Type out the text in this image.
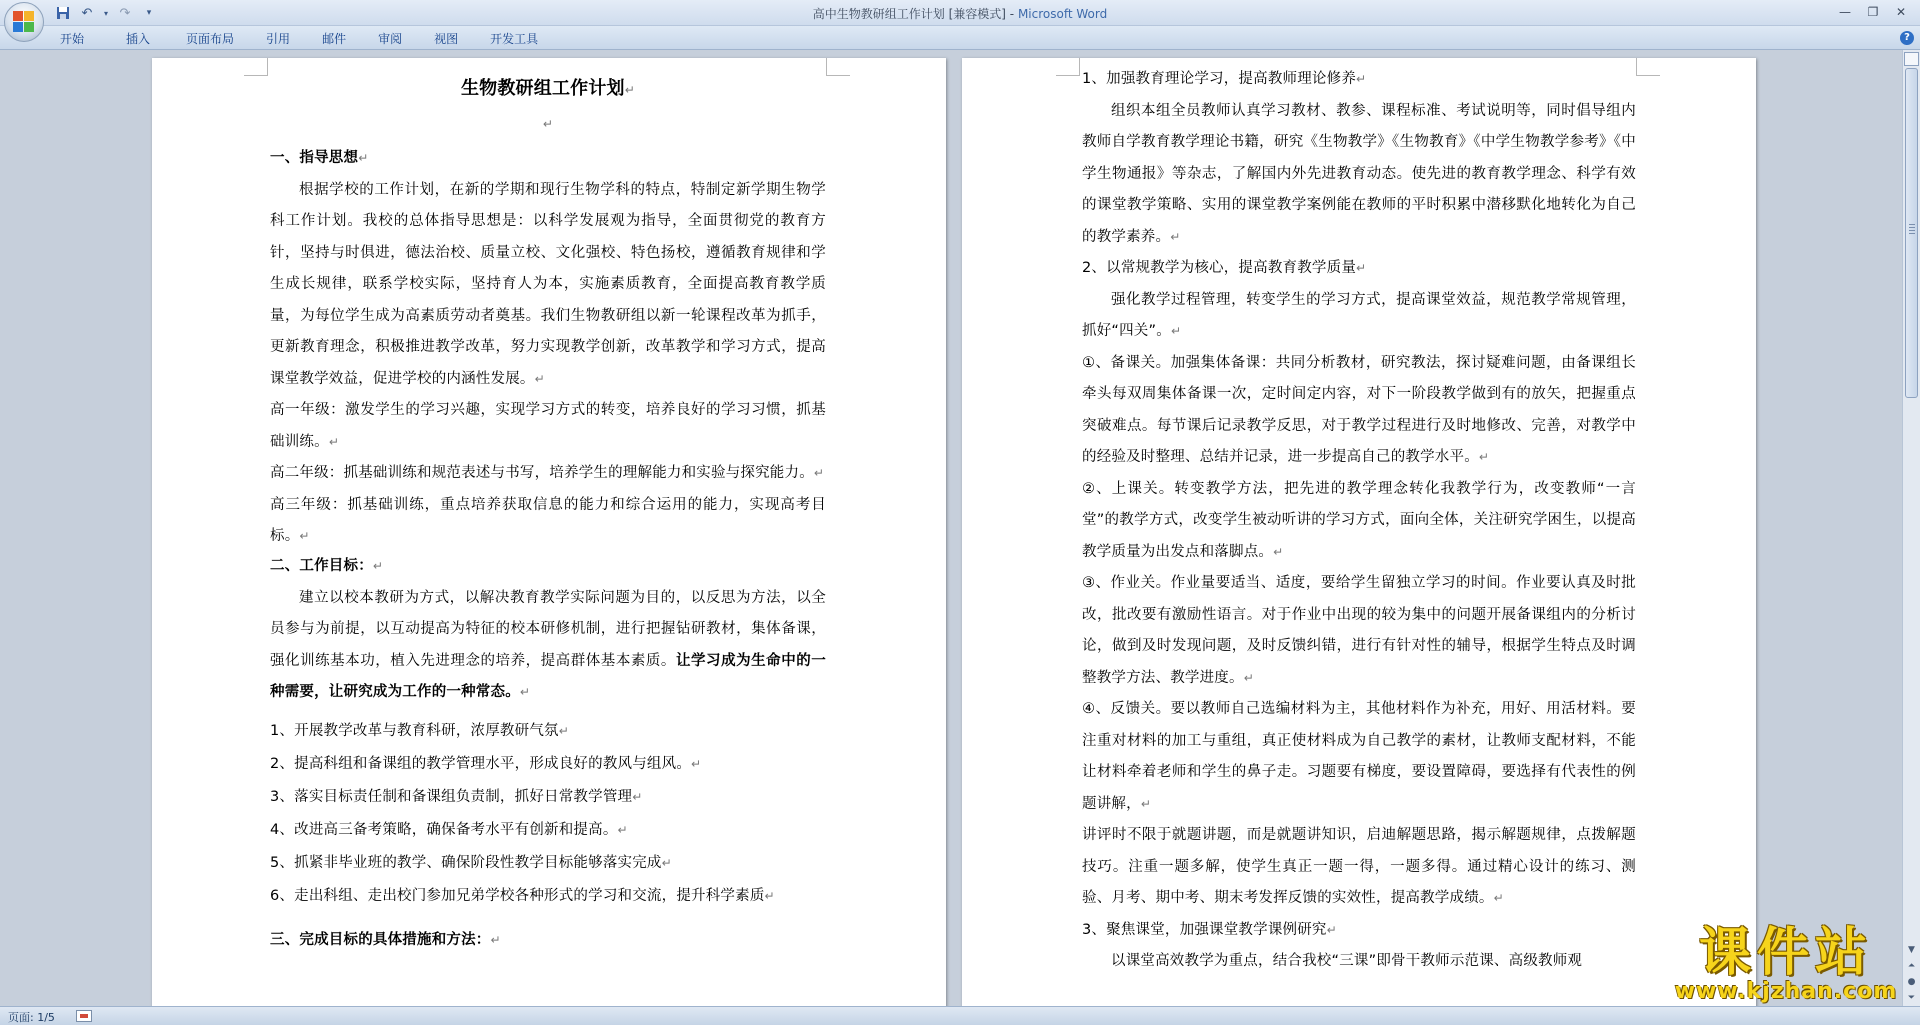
↶	▾ ↷	▾	高中生物教研组工作计划 [兼容模式] - Microsoft Word	—	❐	✕
开始	插入	页面布局	引用	邮件	审阅	视图	开发工具	?
生物教研组工作计划↵
↵
一、指导思想↵
根据学校的工作计划，在新的学期和现行生物学科的特点，特制定新学期生物学科工作计划。我校的总体指导思想是：以科学发展观为指导，全面贯彻党的教育方针，坚持与时俱进，德法治校、质量立校、文化强校、特色扬校，遵循教育规律和学生成长规律，联系学校实际，坚持育人为本，实施素质教育，全面提高教育教学质量，为每位学生成为高素质劳动者奠基。我们生物教研组以新一轮课程改革为抓手，更新教育理念，积极推进教学改革，努力实现教学创新，改革教学和学习方式，提高课堂教学效益，促进学校的内涵性发展。↵
高一年级：激发学生的学习兴趣，实现学习方式的转变，培养良好的学习习惯，抓基础训练。↵
高二年级：抓基础训练和规范表述与书写，培养学生的理解能力和实验与探究能力。↵
高三年级：抓基础训练，重点培养获取信息的能力和综合运用的能力，实现高考目标。↵
二、工作目标：↵
建立以校本教研为方式，以解决教育教学实际问题为目的，以反思为方法，以全员参与为前提，以互动提高为特征的校本研修机制，进行把握钻研教材，集体备课，强化训练基本功，植入先进理念的培养，提高群体基本素质。让学习成为生命中的一种需要，让研究成为工作的一种常态。↵
1、开展教学改革与教育科研，浓厚教研气氛↵
2、提高科组和备课组的教学管理水平，形成良好的教风与组风。↵
3、落实目标责任制和备课组负责制，抓好日常教学管理↵
4、改进高三备考策略，确保备考水平有创新和提高。↵
5、抓紧非毕业班的教学、确保阶段性教学目标能够落实完成↵
6、走出科组、走出校门参加兄弟学校各种形式的学习和交流，提升科学素质↵
三、完成目标的具体措施和方法：↵
1、加强教育理论学习，提高教师理论修养↵
组织本组全员教师认真学习教材、教参、课程标准、考试说明等，同时倡导组内教师自学教育教学理论书籍，研究《生物教学》《生物教育》《中学生物教学参考》《中学生物通报》等杂志，了解国内外先进教育动态。使先进的教育教学理念、科学有效的课堂教学策略、实用的课堂教学案例能在教师的平时积累中潜移默化地转化为自己的教学素养。↵
2、以常规教学为核心，提高教育教学质量↵
强化教学过程管理，转变学生的学习方式，提高课堂效益，规范教学常规管理，抓好“四关”。↵
①、备课关。加强集体备课：共同分析教材，研究教法，探讨疑难问题，由备课组长牵头每双周集体备课一次，定时间定内容，对下一阶段教学做到有的放矢，把握重点突破难点。每节课后记录教学反思，对于教学过程进行及时地修改、完善，对教学中的经验及时整理、总结并记录，进一步提高自己的教学水平。↵
②、上课关。转变教学方法，把先进的教学理念转化我教学行为，改变教师“一言堂”的教学方式，改变学生被动听讲的学习方式，面向全体，关注研究学困生，以提高教学质量为出发点和落脚点。↵
③、作业关。作业量要适当、适度，要给学生留独立学习的时间。作业要认真及时批改，批改要有激励性语言。对于作业中出现的较为集中的问题开展备课组内的分析讨论，做到及时发现问题，及时反馈纠错，进行有针对性的辅导，根据学生特点及时调整教学方法、教学进度。↵
④、反馈关。要以教师自己选编材料为主，其他材料作为补充，用好、用活材料。要注重对材料的加工与重组，真正使材料成为自己教学的素材，让教师支配材料，不能让材料牵着老师和学生的鼻子走。习题要有梯度，要设置障碍，要选择有代表性的例题讲解，↵
讲评时不限于就题讲题，而是就题讲知识，启迪解题思路，揭示解题规律，点拨解题技巧。注重一题多解，使学生真正一题一得，一题多得。通过精心设计的练习、测验、月考、期中考、期末考发挥反馈的实效性，提高教学成绩。↵
3、聚焦课堂，加强课堂教学课例研究↵
以课堂高效教学为重点，结合我校“三课”即骨干教师示范课、高级教师观
▼
⏶
●
⏷
页面: 1/5
课件站
www.kjzhan.com
